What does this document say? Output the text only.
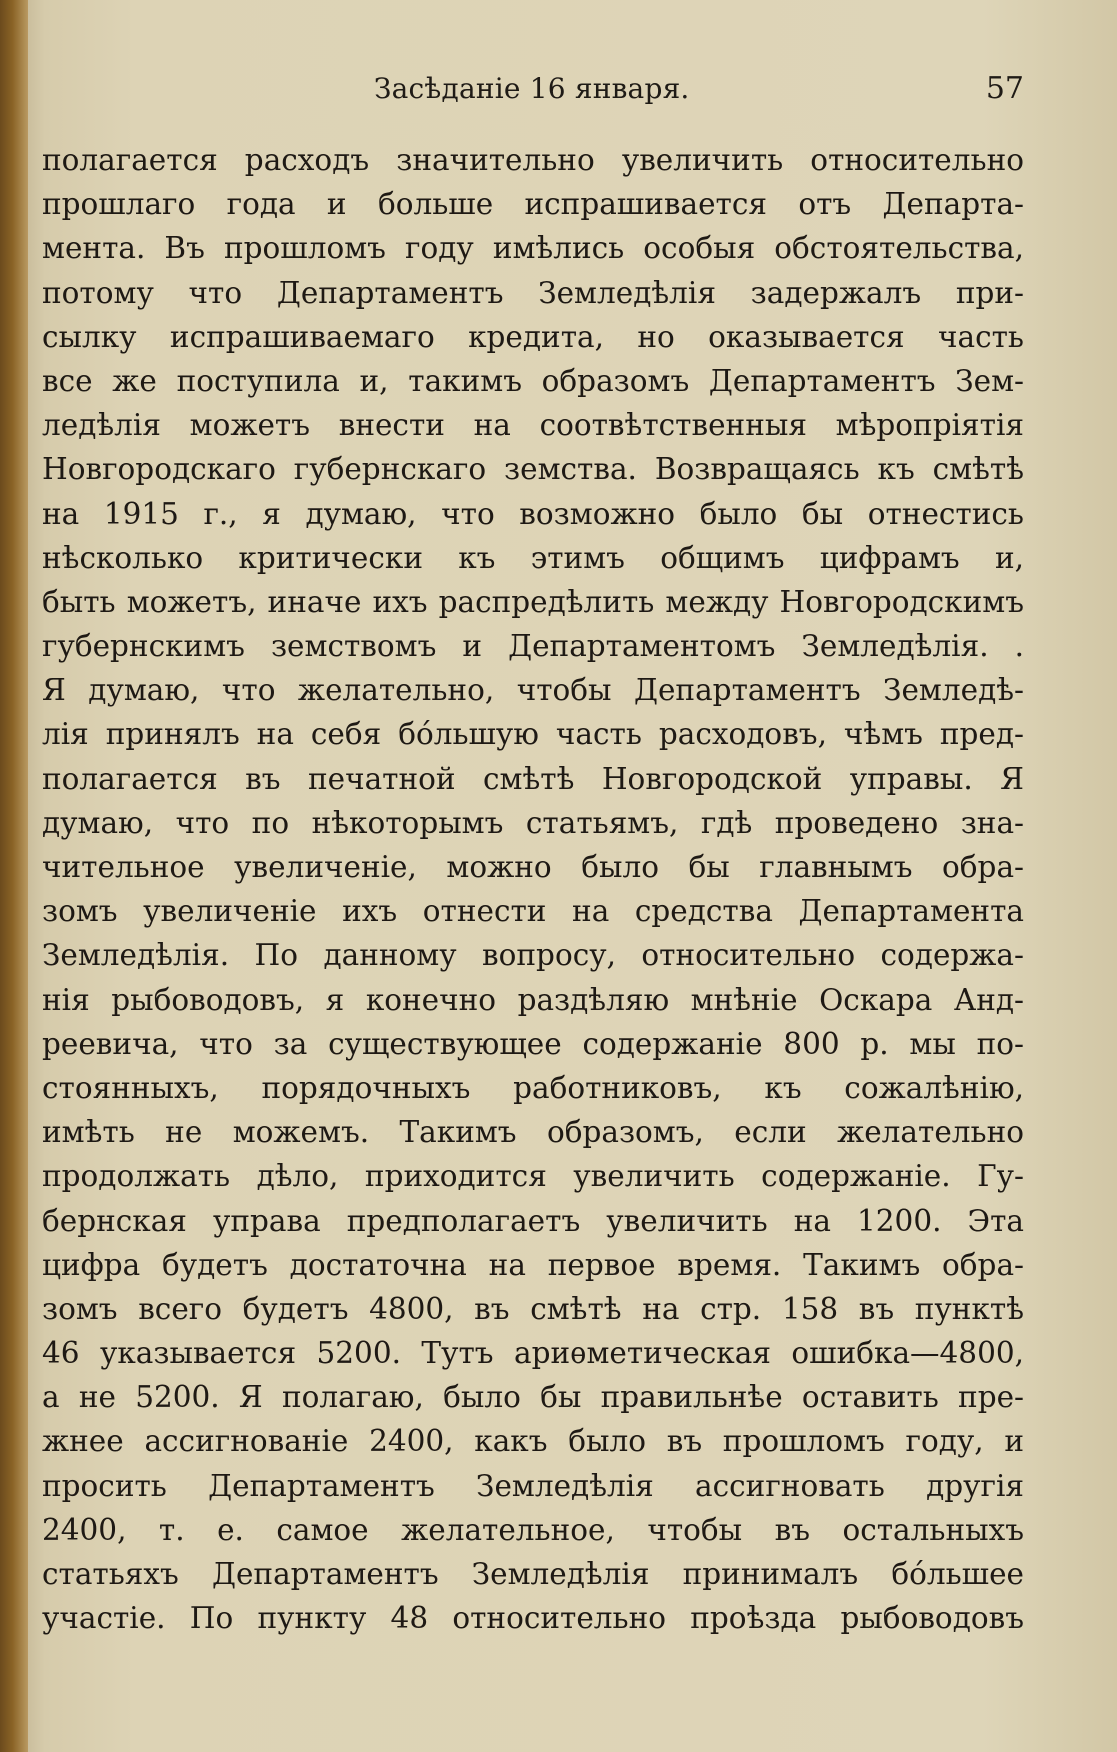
Засѣданіе 16 января.	57
полагается расходъ значительно увеличить относительно
прошлаго года и больше испрашивается отъ Департа-
мента. Въ прошломъ году имѣлись особыя обстоятельства,
потому что Департаментъ Земледѣлія задержалъ при-
сылку испрашиваемаго кредита, но оказывается часть
все же поступила и, такимъ образомъ Департаментъ Зем-
ледѣлія можетъ внести на соотвѣтственныя мѣропріятія
Новгородскаго губернскаго земства. Возвращаясь къ смѣтѣ
на 1915 г., я думаю, что возможно было бы отнестись
нѣсколько критически къ этимъ общимъ цифрамъ и,
быть можетъ, иначе ихъ распредѣлить между Новгородскимъ
губернскимъ земствомъ и Департаментомъ Земледѣлія. .
Я думаю, что желательно, чтобы Департаментъ Земледѣ-
лія принялъ на себя бóльшую часть расходовъ, чѣмъ пред-
полагается въ печатной смѣтѣ Новгородской управы. Я
думаю, что по нѣкоторымъ статьямъ, гдѣ проведено зна-
чительное увеличеніе, можно было бы главнымъ обра-
зомъ увеличеніе ихъ отнести на средства Департамента
Земледѣлія. По данному вопросу, относительно содержа-
нія рыбоводовъ, я конечно раздѣляю мнѣніе Оскара Анд-
реевича, что за существующее содержаніе 800 р. мы по-
стоянныхъ, порядочныхъ работниковъ, къ сожалѣнію,
имѣть не можемъ. Такимъ образомъ, если желательно
продолжать дѣло, приходится увеличить содержаніе. Гу-
бернская управа предполагаетъ увеличить на 1200. Эта
цифра будетъ достаточна на первое время. Такимъ обра-
зомъ всего будетъ 4800, въ смѣтѣ на стр. 158 въ пунктѣ
46 указывается 5200. Тутъ ариѳметическая ошибка—4800,
а не 5200. Я полагаю, было бы правильнѣе оставить пре-
жнее ассигнованіе 2400, какъ было въ прошломъ году, и
просить Департаментъ Земледѣлія ассигновать другія
2400, т. е. самое желательное, чтобы въ остальныхъ
статьяхъ Департаментъ Земледѣлія принималъ бóльшее
участіе. По пункту 48 относительно проѣзда рыбоводовъ
